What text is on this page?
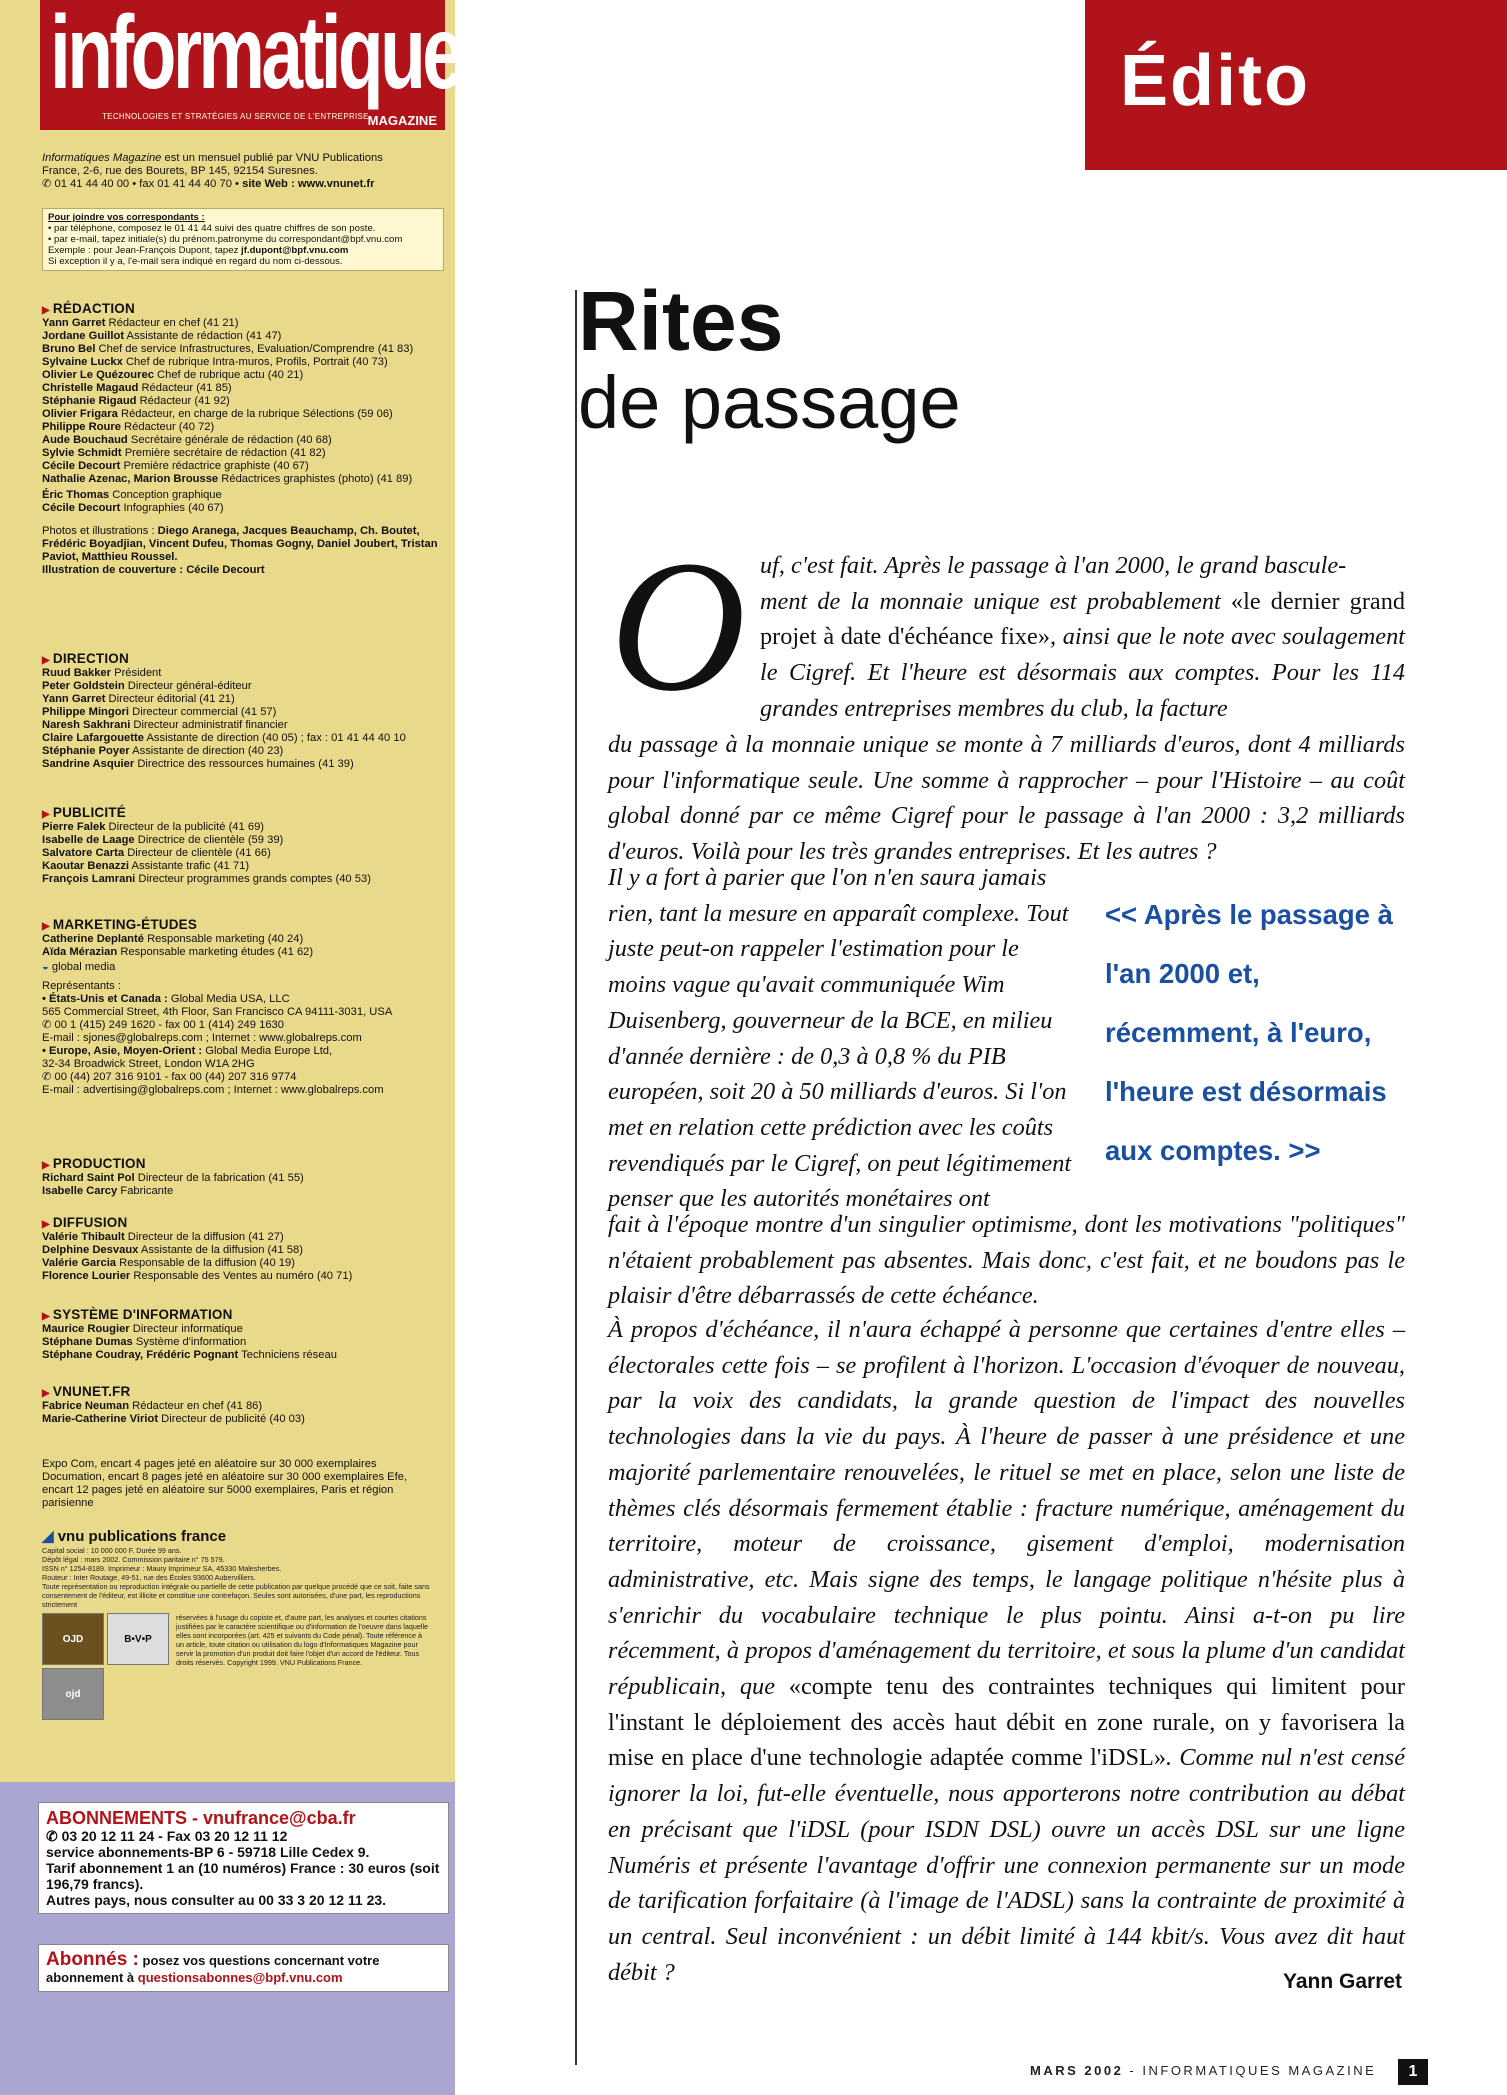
informatiques
TECHNOLOGIES ET STRATÉGIES AU SERVICE DE L'ENTREPRISE
MAGAZINE

Informatiques Magazine est un mensuel publié par VNU Publications

France, 2-6, rue des Bourets, BP 145, 92154 Suresnes.

✆ 01 41 44 40 00 • fax 01 41 44 40 70 • site Web : www.vnunet.fr

Pour joindre vos correspondants :

• par téléphone, composez le 01 41 44 suivi des quatre chiffres de son poste.

• par e-mail, tapez initiale(s) du prénom.patronyme du correspondant@bpf.vnu.com

Exemple : pour Jean-François Dupont, tapez jf.dupont@bpf.vnu.com

Si exception il y a, l'e-mail sera indiqué en regard du nom ci-dessous.

▶ RÉDACTION

Yann Garret Rédacteur en chef (41 21)

Jordane Guillot Assistante de rédaction (41 47)

Bruno Bel Chef de service Infrastructures, Evaluation/Comprendre (41 83)

Sylvaine Luckx Chef de rubrique Intra-muros, Profils, Portrait (40 73)

Olivier Le Quézourec Chef de rubrique actu (40 21)

Christelle Magaud Rédacteur (41 85)

Stéphanie Rigaud Rédacteur (41 92)

Olivier Frigara Rédacteur, en charge de la rubrique Sélections (59 06)

Philippe Roure Rédacteur (40 72)

Aude Bouchaud Secrétaire générale de rédaction (40 68)

Sylvie Schmidt Première secrétaire de rédaction (41 82)

Cécile Decourt Première rédactrice graphiste (40 67)

Nathalie Azenac, Marion Brousse Rédactrices graphistes (photo) (41 89)

Éric Thomas Conception graphique

Cécile Decourt Infographies (40 67)

Photos et illustrations : Diego Aranega, Jacques Beauchamp, Ch. Boutet, Frédéric Boyadjian, Vincent Dufeu, Thomas Gogny, Daniel Joubert, Tristan Paviot, Matthieu Roussel.

Illustration de couverture : Cécile Decourt

▶ DIRECTION

Ruud Bakker Président

Peter Goldstein Directeur général-éditeur

Yann Garret Directeur éditorial (41 21)

Philippe Mingori Directeur commercial (41 57)

Naresh Sakhrani Directeur administratif financier

Claire Lafargouette Assistante de direction (40 05) ; fax : 01 41 44 40 10

Stéphanie Poyer Assistante de direction (40 23)

Sandrine Asquier Directrice des ressources humaines (41 39)

▶ PUBLICITÉ

Pierre Falek Directeur de la publicité (41 69)

Isabelle de Laage Directrice de clientèle (59 39)

Salvatore Carta Directeur de clientèle (41 66)

Kaoutar Benazzi Assistante trafic (41 71)

François Lamrani Directeur programmes grands comptes (40 53)

▶ MARKETING-ÉTUDES

Catherine Deplanté Responsable marketing (40 24)

Aïda Mérazian Responsable marketing études (41 62)

◒ global media

Représentants :

• États-Unis et Canada : Global Media USA, LLC

565 Commercial Street, 4th Floor, San Francisco CA 94111-3031, USA

✆ 00 1 (415) 249 1620 - fax 00 1 (414) 249 1630

E-mail : sjones@globalreps.com ; Internet : www.globalreps.com

• Europe, Asie, Moyen-Orient : Global Media Europe Ltd,

32-34 Broadwick Street, London W1A 2HG

✆ 00 (44) 207 316 9101 - fax 00 (44) 207 316 9774

E-mail : advertising@globalreps.com ; Internet : www.globalreps.com

▶ PRODUCTION

Richard Saint Pol Directeur de la fabrication (41 55)

Isabelle Carcy Fabricante

▶ DIFFUSION

Valérie Thibault Directeur de la diffusion (41 27)

Delphine Desvaux Assistante de la diffusion (41 58)

Valérie Garcia Responsable de la diffusion (40 19)

Florence Lourier Responsable des Ventes au numéro (40 71)

▶ SYSTÈME D'INFORMATION

Maurice Rougier Directeur informatique

Stéphane Dumas Système d'information

Stéphane Coudray, Frédéric Pognant Techniciens réseau

▶ VNUNET.FR

Fabrice Neuman Rédacteur en chef (41 86)

Marie-Catherine Viriot Directeur de publicité (40 03)

Expo Com, encart 4 pages jeté en aléatoire sur 30 000 exemplaires Documation, encart 8 pages jeté en aléatoire sur 30 000 exemplaires Efe, encart 12 pages jeté en aléatoire sur 5000 exemplaires, Paris et région parisienne

◢ vnu publications france

Capital social : 10 000 000 F. Durée 99 ans.

Dépôt légal : mars 2002. Commission paritaire n° 75 579.

ISSN n° 1254-8189. Imprimeur : Maury Imprimeur SA, 45330 Malesherbes.

Routeur : Inter Routage, 49-51, rue des Écoles 93600 Aubervilliers.

Toute représentation ou reproduction intégrale ou partielle de cette publication par quelque procédé que ce soit, faite sans consentement de l'éditeur, est illicite et constitue une contrefaçon. Seules sont autorisées, d'une part, les reproductions strictement

OJD	B•V•P
ojd
réservées à l'usage du copiste et, d'autre part, les analyses et courtes citations justifiées par le caractère scientifique ou d'information de l'oeuvre dans laquelle elles sont incorporées (art. 425 et suivants du Code pénal). Toute référence à un article, toute citation ou utilisation du logo d'Informatiques Magazine pour servir la promotion d'un produit doit faire l'objet d'un accord de l'éditeur. Tous droits réservés. Copyright 1999. VNU Publications France.
ABONNEMENTS - vnufrance@cba.fr
✆ 03 20 12 11 24 - Fax 03 20 12 11 12
service abonnements-BP 6 - 59718 Lille Cedex 9.
Tarif abonnement 1 an (10 numéros) France : 30 euros (soit 196,79 francs).
Autres pays, nous consulter au 00 33 3 20 12 11 23.
Abonnés : posez vos questions concernant votre abonnement à questionsabonnes@bpf.vnu.com
Édito
Rites
de passage
O uf, c'est fait. Après le passage à l'an 2000, le grand bascule-
ment de la monnaie unique est probablement «le dernier grand projet à date d'échéance fixe», ainsi que le note avec soulagement le Cigref. Et l'heure est désormais aux comptes. Pour les 114 grandes entreprises membres du club, la facture
du passage à la monnaie unique se monte à 7 milliards d'euros, dont 4 milliards pour l'informatique seule. Une somme à rapprocher – pour l'Histoire – au coût global donné par ce même Cigref pour le passage à l'an 2000 : 3,2 milliards d'euros. Voilà pour les très grandes entreprises. Et les autres ?
Il y a fort à parier que l'on n'en saura jamais rien, tant la mesure en apparaît complexe. Tout juste peut-on rappeler l'estimation pour le moins vague qu'avait communiquée Wim Duisenberg, gouverneur de la BCE, en milieu d'année dernière : de 0,3 à 0,8 % du PIB européen, soit 20 à 50 milliards d'euros. Si l'on met en relation cette prédiction avec les coûts revendiqués par le Cigref, on peut légitimement penser que les autorités monétaires ont
<< Après le passage à l'an 2000 et, récemment, à l'euro, l'heure est désormais aux comptes. >>
fait à l'époque montre d'un singulier optimisme, dont les motivations "politiques" n'étaient probablement pas absentes. Mais donc, c'est fait, et ne boudons pas le plaisir d'être débarrassés de cette échéance.
À propos d'échéance, il n'aura échappé à personne que certaines d'entre elles – électorales cette fois – se profilent à l'horizon. L'occasion d'évoquer de nouveau, par la voix des candidats, la grande question de l'impact des nouvelles technologies dans la vie du pays. À l'heure de passer à une présidence et une majorité parlementaire renouvelées, le rituel se met en place, selon une liste de thèmes clés désormais fermement établie : fracture numérique, aménagement du territoire, moteur de croissance, gisement d'emploi, modernisation administrative, etc. Mais signe des temps, le langage politique n'hésite plus à s'enrichir du vocabulaire technique le plus pointu. Ainsi a-t-on pu lire récemment, à propos d'aménagement du territoire, et sous la plume d'un candidat républicain, que «compte tenu des contraintes techniques qui limitent pour l'instant le déploiement des accès haut débit en zone rurale, on y favorisera la mise en place d'une technologie adaptée comme l'iDSL». Comme nul n'est censé ignorer la loi, fut-elle éventuelle, nous apporterons notre contribution au débat en précisant que l'iDSL (pour ISDN DSL) ouvre un accès DSL sur une ligne Numéris et présente l'avantage d'offrir une connexion permanente sur un mode de tarification forfaitaire (à l'image de l'ADSL) sans la contrainte de proximité à un central. Seul inconvénient : un débit limité à 144 kbit/s. Vous avez dit haut débit ?	Yann Garret
MARS 2002 - INFORMATIQUES MAGAZINE	1
